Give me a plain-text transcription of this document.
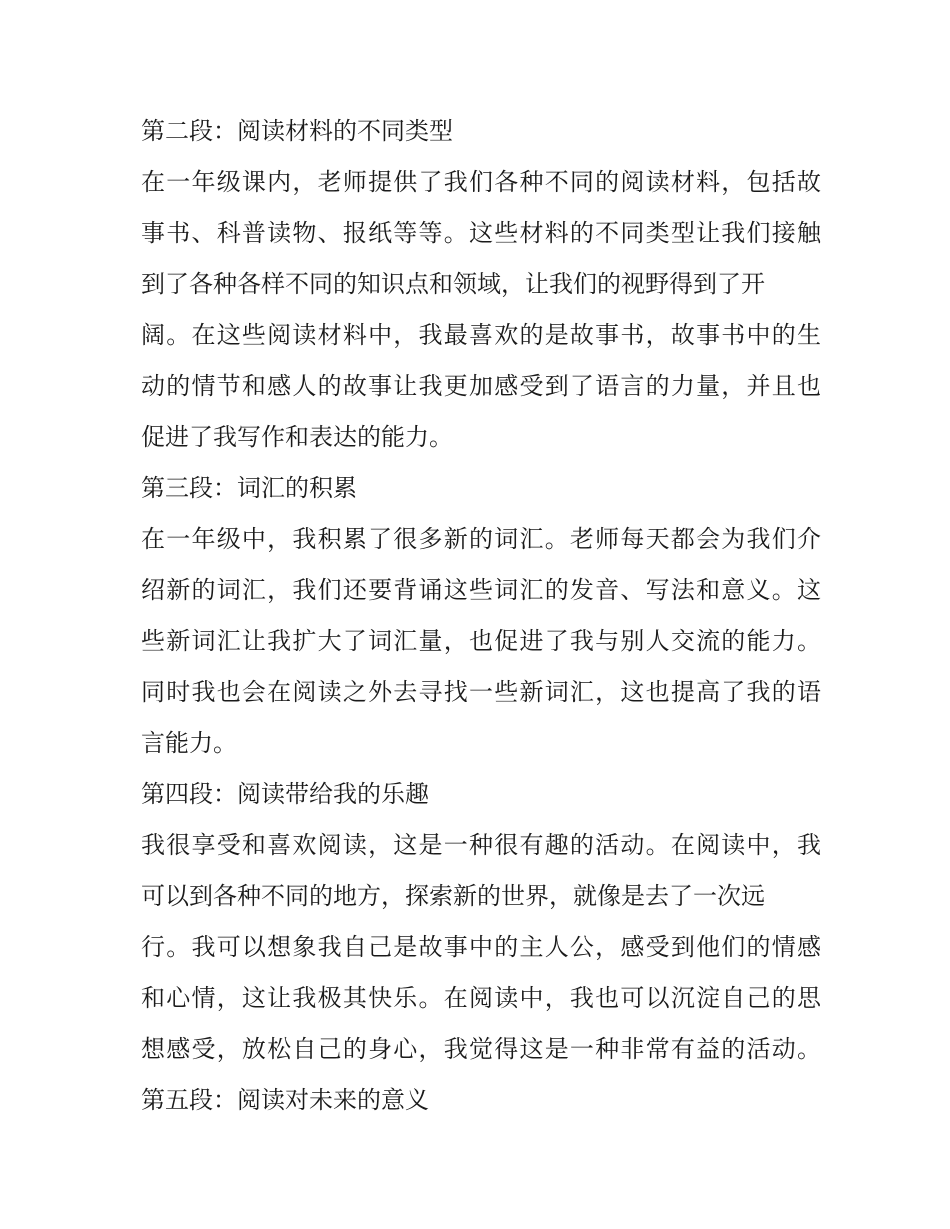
第二段：阅读材料的不同类型
在一年级课内，老师提供了我们各种不同的阅读材料，包括故
事书、科普读物、报纸等等。这些材料的不同类型让我们接触
到了各种各样不同的知识点和领域，让我们的视野得到了开
阔。在这些阅读材料中，我最喜欢的是故事书，故事书中的生
动的情节和感人的故事让我更加感受到了语言的力量，并且也
促进了我写作和表达的能力。
第三段：词汇的积累
在一年级中，我积累了很多新的词汇。老师每天都会为我们介
绍新的词汇，我们还要背诵这些词汇的发音、写法和意义。这
些新词汇让我扩大了词汇量，也促进了我与别人交流的能力。
同时我也会在阅读之外去寻找一些新词汇，这也提高了我的语
言能力。
第四段：阅读带给我的乐趣
我很享受和喜欢阅读，这是一种很有趣的活动。在阅读中，我
可以到各种不同的地方，探索新的世界，就像是去了一次远
行。我可以想象我自己是故事中的主人公，感受到他们的情感
和心情，这让我极其快乐。在阅读中，我也可以沉淀自己的思
想感受，放松自己的身心，我觉得这是一种非常有益的活动。
第五段：阅读对未来的意义
